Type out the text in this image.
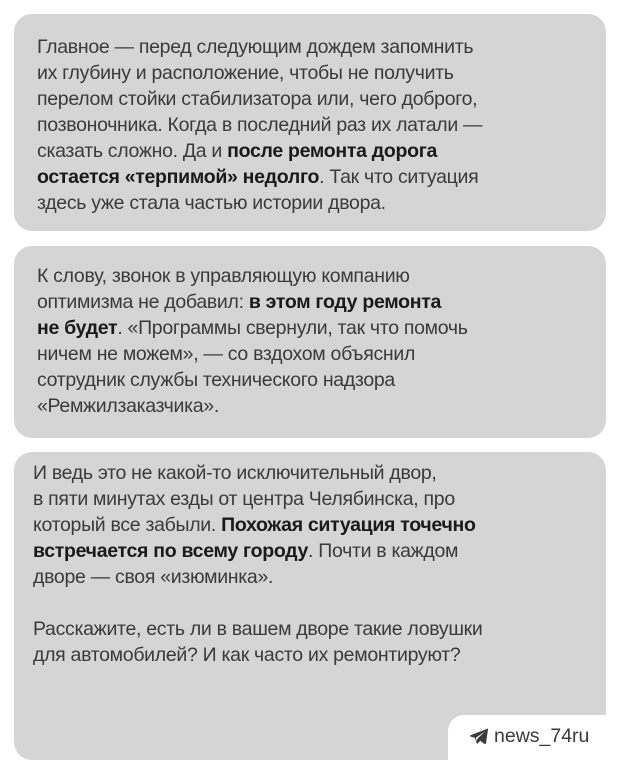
Главное — перед следующим дождем запомнить
их глубину и расположение, чтобы не получить
перелом стойки стабилизатора или, чего доброго,
позвоночника. Когда в последний раз их латали —
сказать сложно. Да и после ремонта дорога
остается «терпимой» недолго. Так что ситуация
здесь уже стала частью истории двора.
К слову, звонок в управляющую компанию
оптимизма не добавил: в этом году ремонта
не будет. «Программы свернули, так что помочь
ничем не можем», — со вздохом объяснил
сотрудник службы технического надзора
«Ремжилзаказчика».
И ведь это не какой-то исключительный двор,
в пяти минутах езды от центра Челябинска, про
который все забыли. Похожая ситуация точечно
встречается по всему городу. Почти в каждом
дворе — своя «изюминка».
Расскажите, есть ли в вашем дворе такие ловушки
для автомобилей? И как часто их ремонтируют?
news_74ru
